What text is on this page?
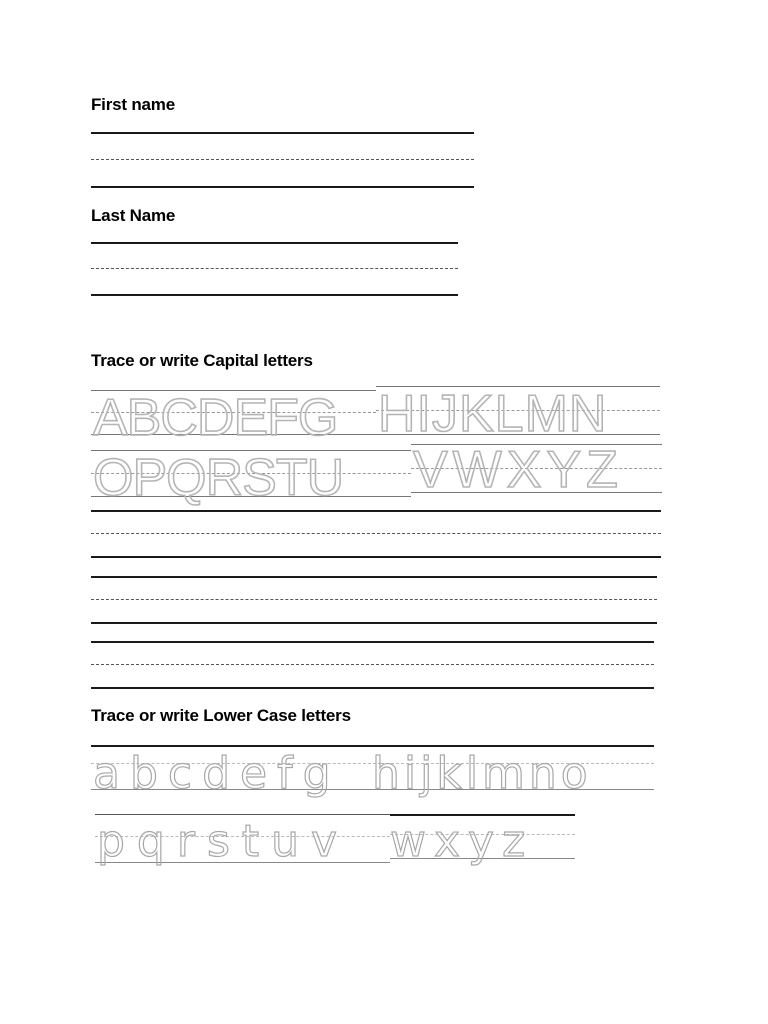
First name
Last Name
Trace or write Capital letters
ABCDEFG HIJKLMN
OPQRSTU VWXYZ
Trace or write Lower Case letters
abcdefg hijklmno
pqrstuv wxyz
